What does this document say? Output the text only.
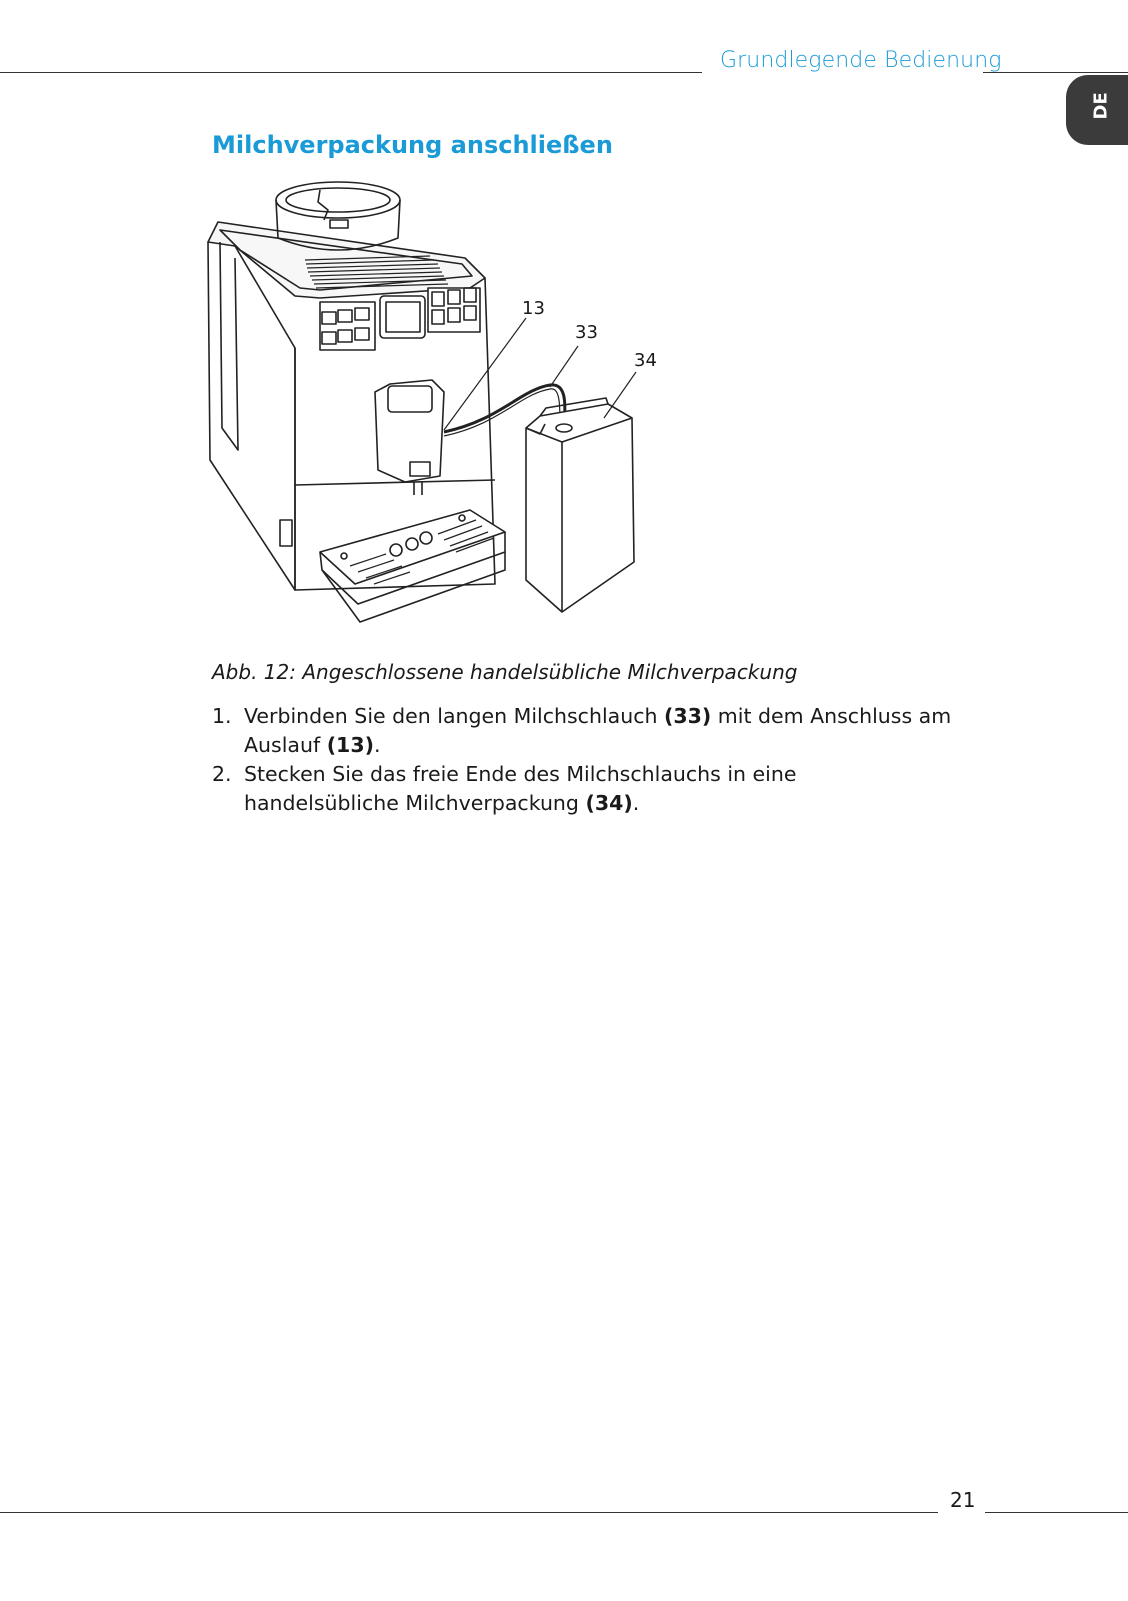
Grundlegende Bedienung
DE
Milchverpackung anschließen
13
33
34
Abb. 12: Angeschlossene handelsübliche Milchverpackung
1. Verbinden Sie den langen Milchschlauch (33) mit dem Anschluss am Auslauf (13).
2. Stecken Sie das freie Ende des Milchschlauchs in eine handelsübliche Milchverpackung (34).
21
